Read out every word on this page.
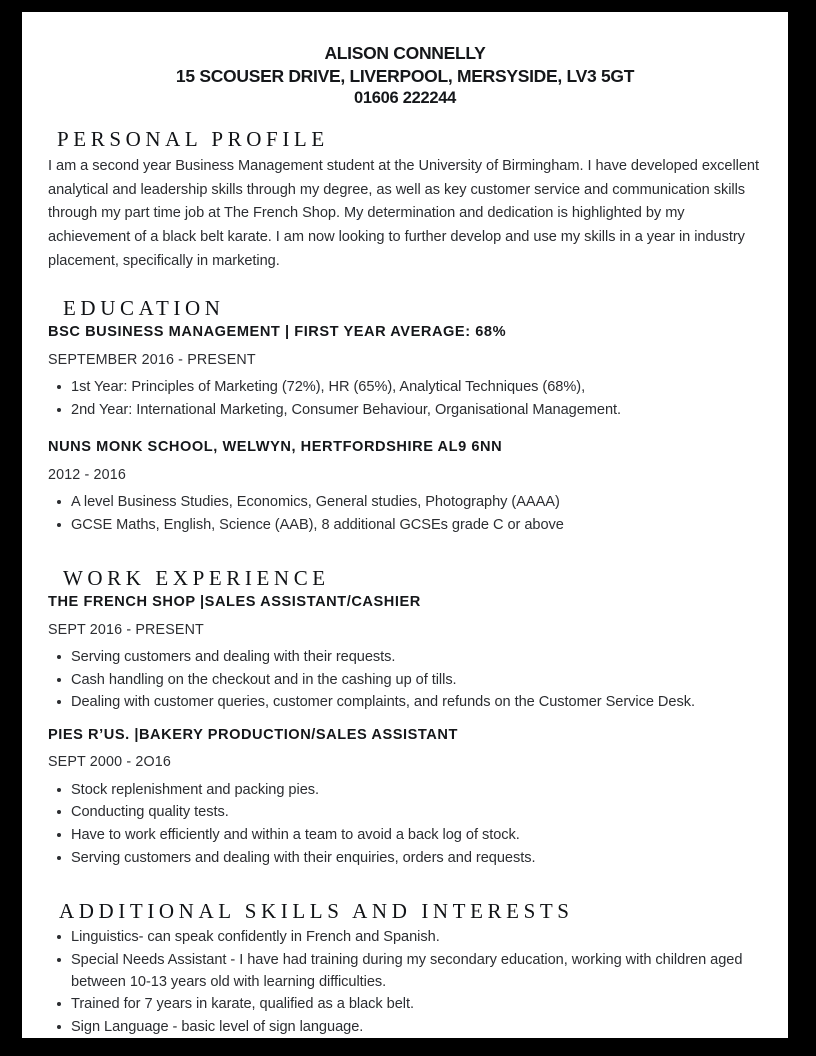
ALISON CONNELLY
15 SCOUSER DRIVE, LIVERPOOL, MERSYSIDE, LV3 5GT
01606 222244
PERSONAL PROFILE

I am a second year Business Management student at the University of Birmingham. I have developed excellent analytical and leadership skills through my degree, as well as key customer service and communication skills through my part time job at The French Shop. My determination and dedication is highlighted by my achievement of a black belt karate. I am now looking to further develop and use my skills in a year in industry placement, specifically in marketing.

EDUCATION
BSC BUSINESS MANAGEMENT | FIRST YEAR AVERAGE: 68%
SEPTEMBER 2016 - PRESENT
1st Year: Principles of Marketing (72%), HR (65%), Analytical Techniques (68%),
2nd Year: International Marketing, Consumer Behaviour, Organisational Management.
NUNS MONK SCHOOL, WELWYN, HERTFORDSHIRE AL9 6NN
2012 - 2016
A level Business Studies, Economics, General studies, Photography (AAAA)
GCSE Maths, English, Science (AAB), 8 additional GCSEs grade C or above
WORK EXPERIENCE
THE FRENCH SHOP |SALES ASSISTANT/CASHIER
SEPT 2016 - PRESENT
Serving customers and dealing with their requests.
Cash handling on the checkout and in the cashing up of tills.
Dealing with customer queries, customer complaints, and refunds on the Customer Service Desk.
PIES R’US. |BAKERY PRODUCTION/SALES ASSISTANT
SEPT 2000 - 2O16
Stock replenishment and packing pies.
Conducting quality tests.
Have to work efficiently and within a team to avoid a back log of stock.
Serving customers and dealing with their enquiries, orders and requests.
ADDITIONAL SKILLS AND INTERESTS
Linguistics- can speak confidently in French and Spanish.
Special Needs Assistant - I have had training during my secondary education, working with children aged between 10-13 years old with learning difficulties.
Trained for 7 years in karate, qualified as a black belt.
Sign Language - basic level of sign language.
